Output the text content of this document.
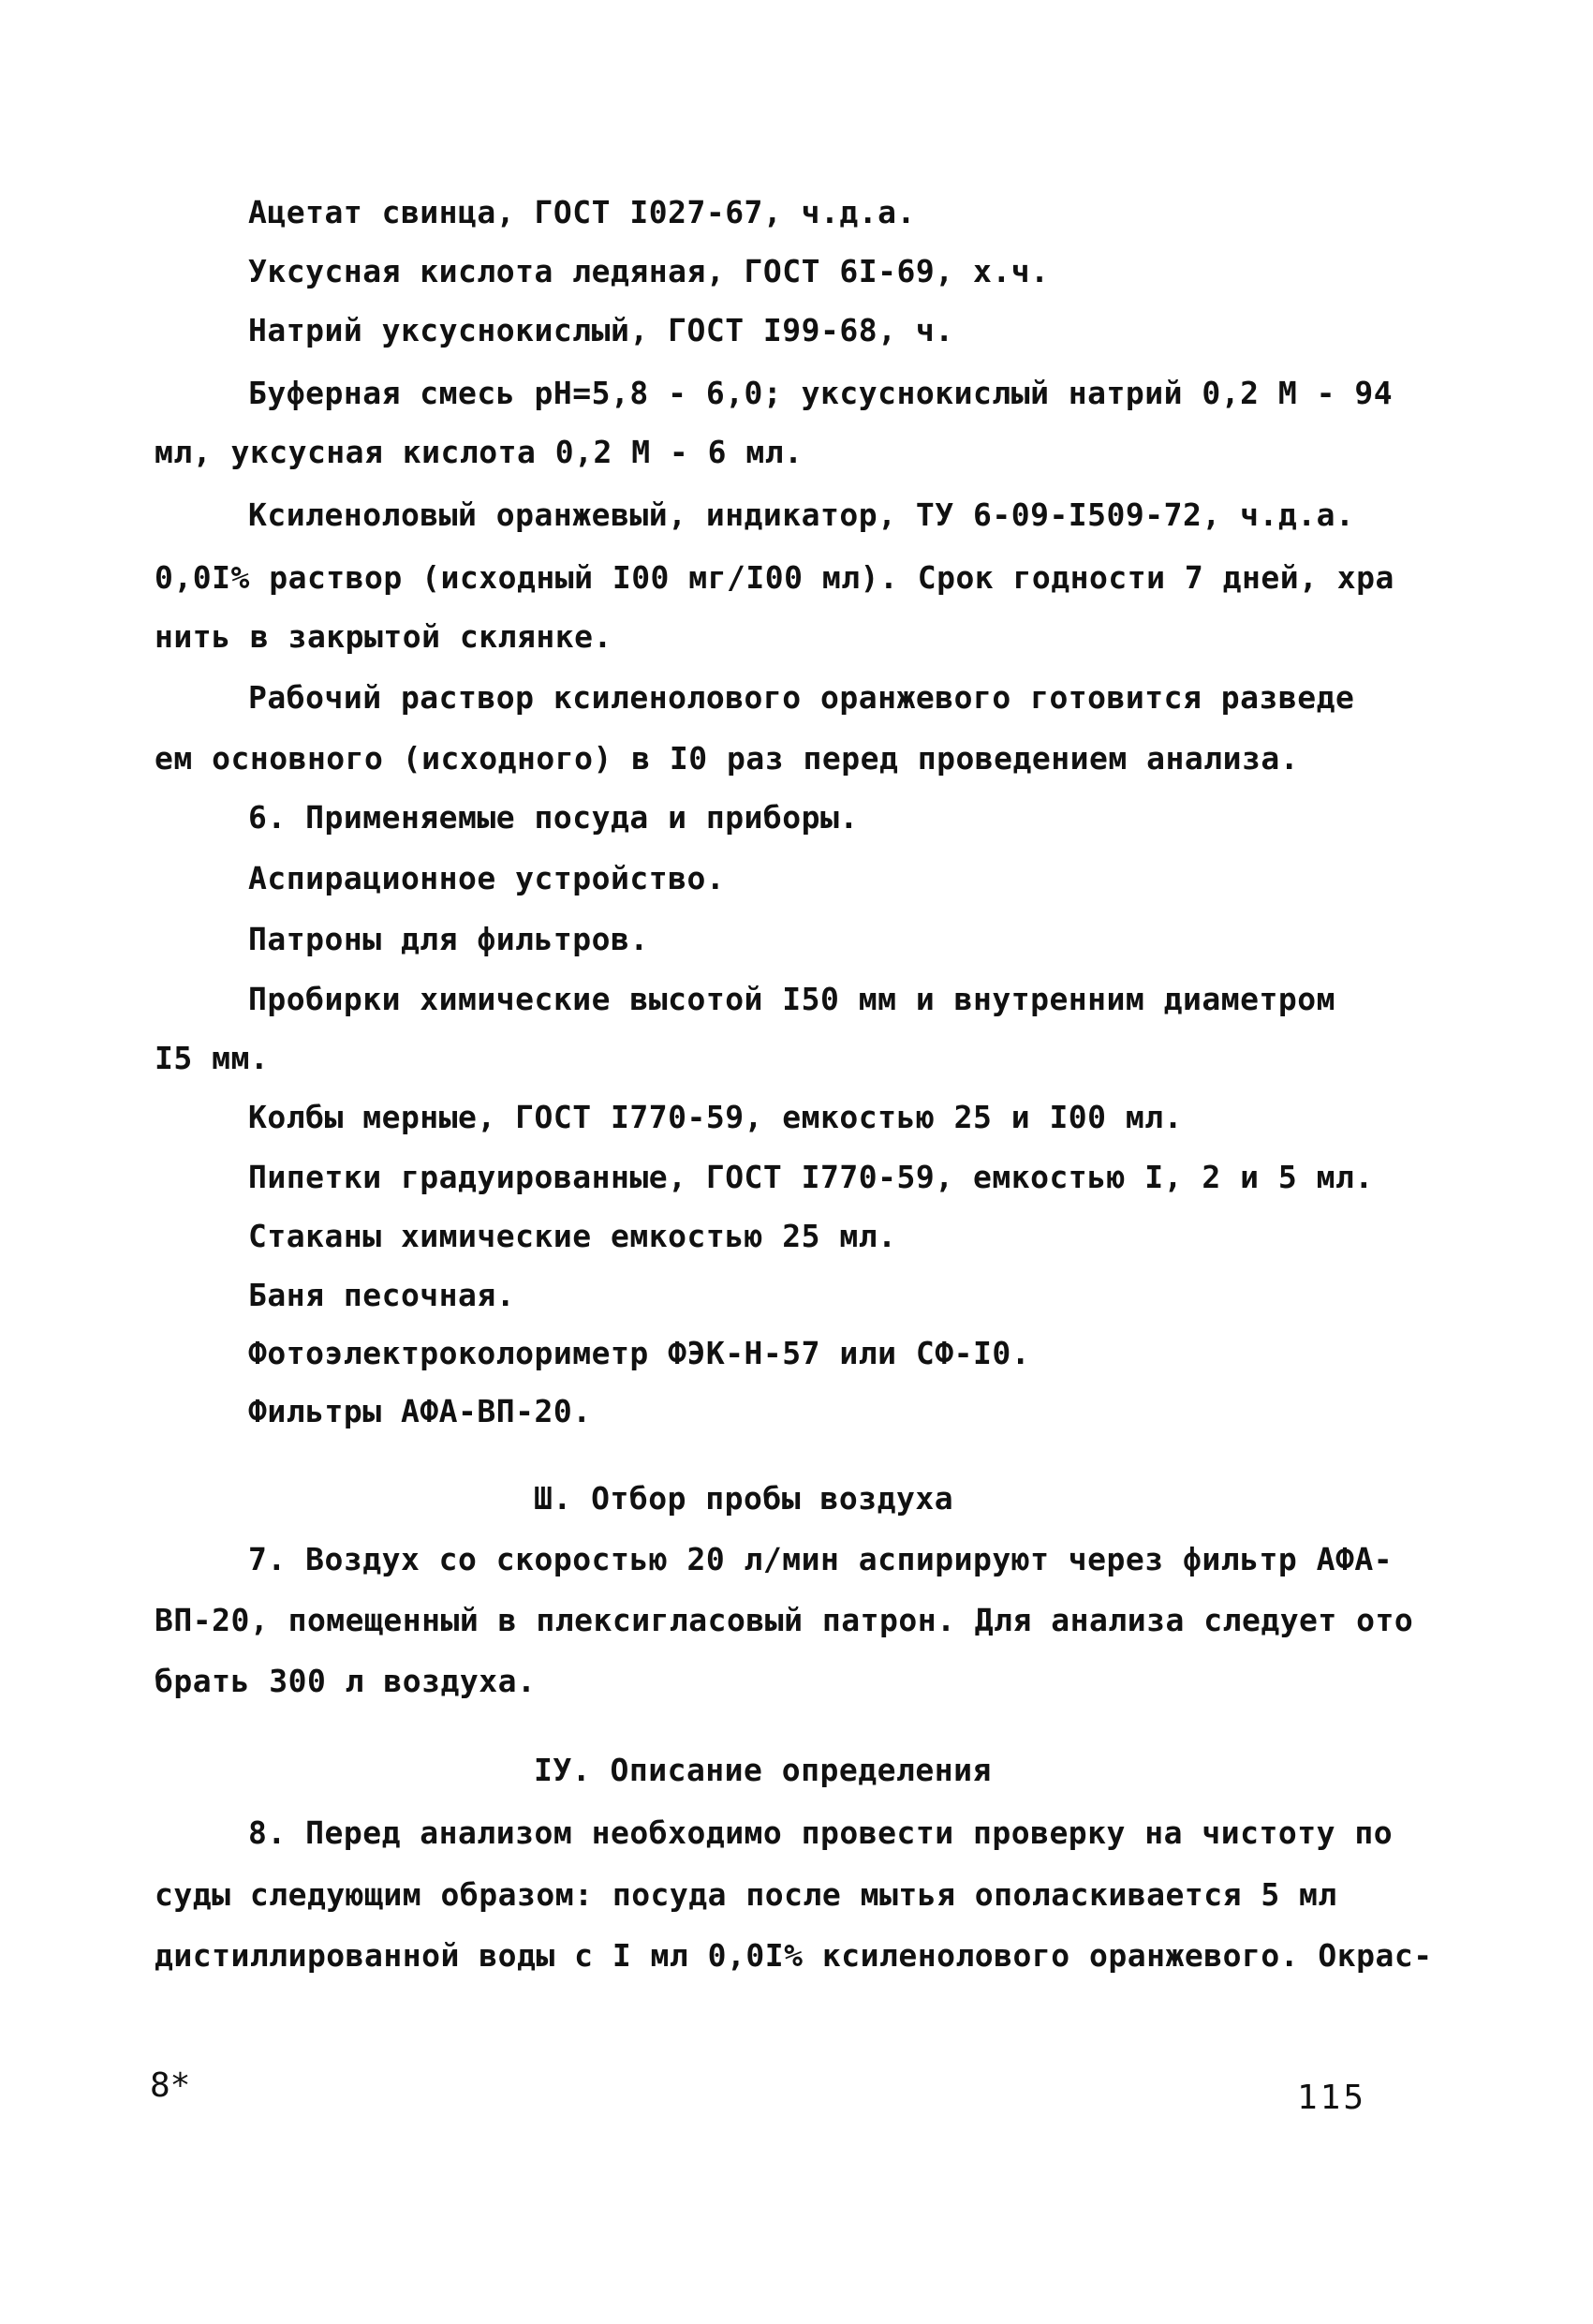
Ацетат свинца, ГОСТ I027-67, ч.д.а.
Уксусная кислота ледяная, ГОСТ 6I-69, х.ч.
Натрий уксуснокислый, ГОСТ I99-68, ч.
Буферная смесь рН=5,8 - 6,0; уксуснокислый натрий 0,2 М - 94
мл, уксусная кислота 0,2 М - 6 мл.
Ксиленоловый оранжевый, индикатор, ТУ 6-09-I509-72, ч.д.а.
0,0I% раствор (исходный I00 мг/I00 мл). Срок годности 7 дней, хра
нить в закрытой склянке.
Рабочий раствор ксиленолового оранжевого готовится разведе
ем основного (исходного) в I0 раз перед проведением анализа.
6. Применяемые посуда и приборы.
Аспирационное устройство.
Патроны для фильтров.
Пробирки химические высотой I50 мм и внутренним диаметром
I5 мм.
Колбы мерные, ГОСТ I770-59, емкостью 25 и I00 мл.
Пипетки градуированные, ГОСТ I770-59, емкостью I, 2 и 5 мл.
Стаканы химические емкостью 25 мл.
Баня песочная.
Фотоэлектроколориметр ФЭК-Н-57 или СФ-I0.
Фильтры АФА-ВП-20.
Ш. Отбор пробы воздуха
7. Воздух со скоростью 20 л/мин аспирируют через фильтр АФА-
ВП-20, помещенный в плексигласовый патрон. Для анализа следует ото
брать 300 л воздуха.
IУ. Описание определения
8. Перед анализом необходимо провести проверку на чистоту по
суды следующим образом: посуда после мытья ополаскивается 5 мл
дистиллированной воды с I мл 0,0I% ксиленолового оранжевого. Окрас-
8*	115
